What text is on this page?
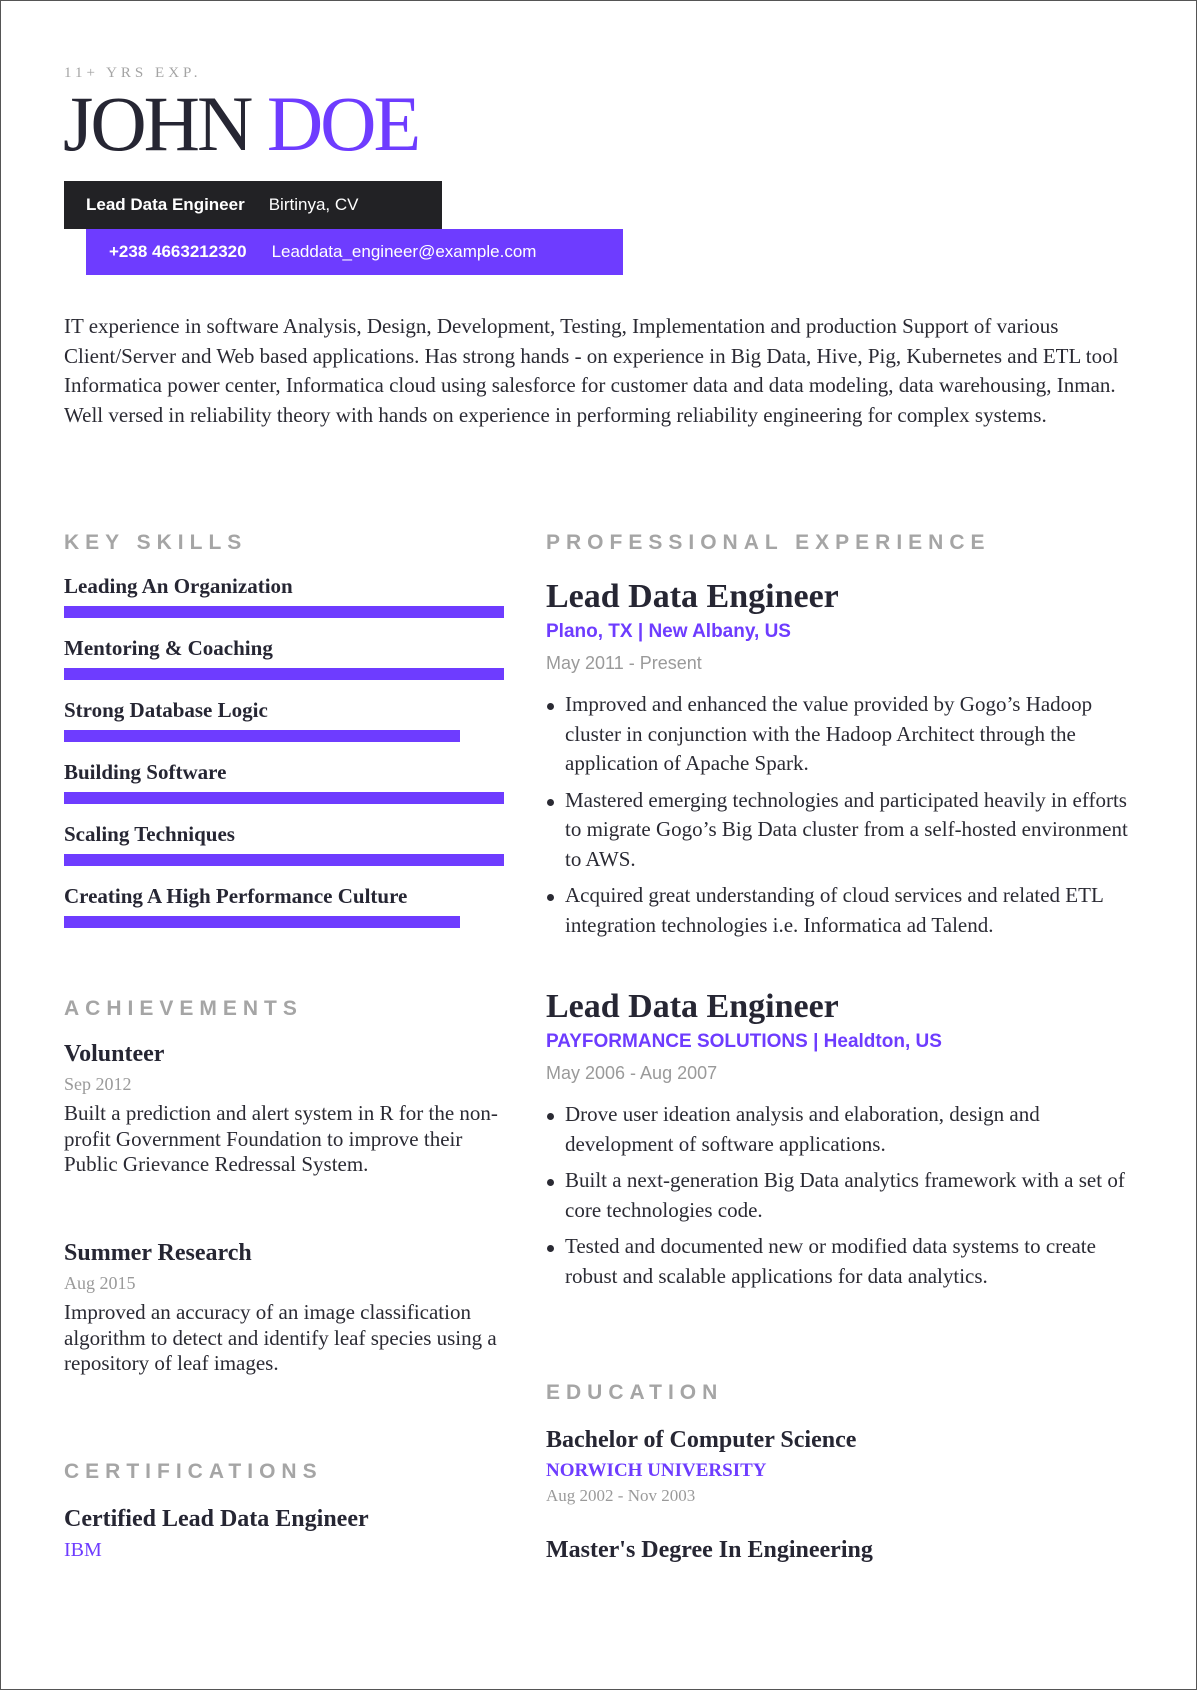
11+ YRS EXP.
JOHN DOE
Lead Data Engineer Birtinya, CV
+238 4663212320 Leaddata_engineer@example.com

IT experience in software Analysis, Design, Development, Testing, Implementation and production Support of various Client/Server and Web based applications. Has strong hands - on experience in Big Data, Hive, Pig, Kubernetes and ETL tool Informatica power center, Informatica cloud using salesforce for customer data and data modeling, data warehousing, Inman. Well versed in reliability theory with hands on experience in performing reliability engineering for complex systems.

KEY SKILLS
Leading An Organization
Mentoring & Coaching
Strong Database Logic
Building Software
Scaling Techniques
Creating A High Performance Culture
ACHIEVEMENTS
Volunteer
Sep 2012

Built a prediction and alert system in R for the non-profit Government Foundation to improve their Public Grievance Redressal System.

Summer Research
Aug 2015

Improved an accuracy of an image classification algorithm to detect and identify leaf species using a repository of leaf images.

CERTIFICATIONS
Certified Lead Data Engineer
IBM
PROFESSIONAL EXPERIENCE
Lead Data Engineer
Plano, TX | New Albany, US
May 2011 - Present
Improved and enhanced the value provided by Gogo’s Hadoop cluster in conjunction with the Hadoop Architect through the application of Apache Spark.
Mastered emerging technologies and participated heavily in efforts to migrate Gogo’s Big Data cluster from a self-hosted environment to AWS.
Acquired great understanding of cloud services and related ETL integration technologies i.e. Informatica ad Talend.
Lead Data Engineer
PAYFORMANCE SOLUTIONS | Healdton, US
May 2006 - Aug 2007
Drove user ideation analysis and elaboration, design and development of software applications.
Built a next-generation Big Data analytics framework with a set of core technologies code.
Tested and documented new or modified data systems to create robust and scalable applications for data analytics.
EDUCATION
Bachelor of Computer Science
NORWICH UNIVERSITY
Aug 2002 - Nov 2003
Master's Degree In Engineering
